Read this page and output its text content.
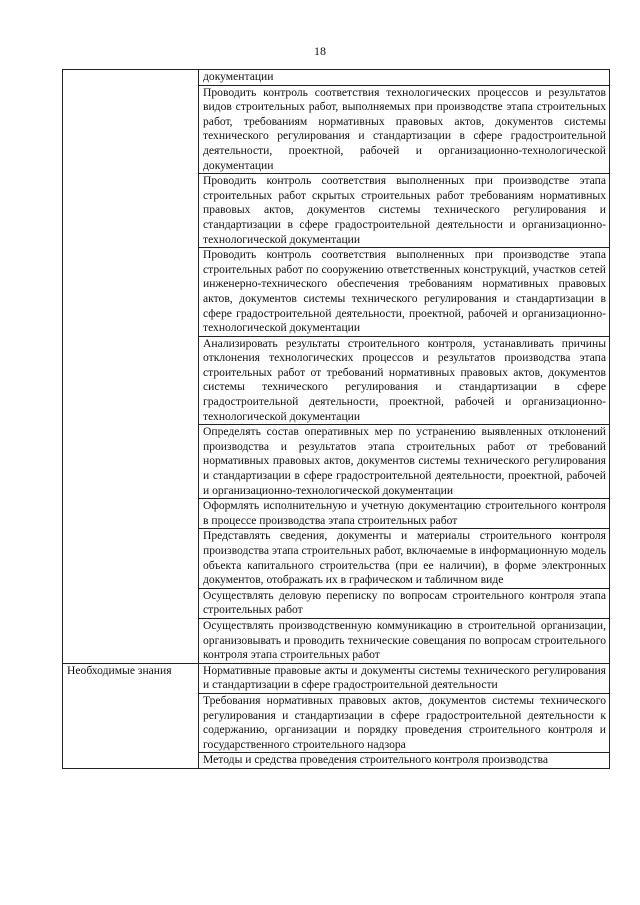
18
	документации
	Проводить контроль соответствия технологических процессов и результатов видов строительных работ, выполняемых при производстве этапа строительных работ, требованиям нормативных правовых актов, документов системы технического регулирования и стандартизации в сфере градостроительной деятельности, проектной, рабочей и организационно-технологической документации
	Проводить контроль соответствия выполненных при производстве этапа строительных работ скрытых строительных работ требованиям нормативных правовых актов, документов системы технического регулирования и стандартизации в сфере градостроительной деятельности и организационно-технологической документации
	Проводить контроль соответствия выполненных при производстве этапа строительных работ по сооружению ответственных конструкций, участков сетей инженерно-технического обеспечения требованиям нормативных правовых актов, документов системы технического регулирования и стандартизации в сфере градостроительной деятельности, проектной, рабочей и организационно-технологической документации
	Анализировать результаты строительного контроля, устанавливать причины отклонения технологических процессов и результатов производства этапа строительных работ от требований нормативных правовых актов, документов системы технического регулирования и стандартизации в сфере градостроительной деятельности, проектной, рабочей и организационно-технологической документации
	Определять состав оперативных мер по устранению выявленных отклонений производства и результатов этапа строительных работ от требований нормативных правовых актов, документов системы технического регулирования и стандартизации в сфере градостроительной деятельности, проектной, рабочей и организационно-технологической документации
	Оформлять исполнительную и учетную документацию строительного контроля в процессе производства этапа строительных работ
	Представлять сведения, документы и материалы строительного контроля производства этапа строительных работ, включаемые в информационную модель объекта капитального строительства (при ее наличии), в форме электронных документов, отображать их в графическом и табличном виде
	Осуществлять деловую переписку по вопросам строительного контроля этапа строительных работ
	Осуществлять производственную коммуникацию в строительной организации, организовывать и проводить технические совещания по вопросам строительного контроля этапа строительных работ
Необходимые знания	Нормативные правовые акты и документы системы технического регулирования и стандартизации в сфере градостроительной деятельности
	Требования нормативных правовых актов, документов системы технического регулирования и стандартизации в сфере градостроительной деятельности к содержанию, организации и порядку проведения строительного контроля и государственного строительного надзора
	Методы и средства проведения строительного контроля производства
